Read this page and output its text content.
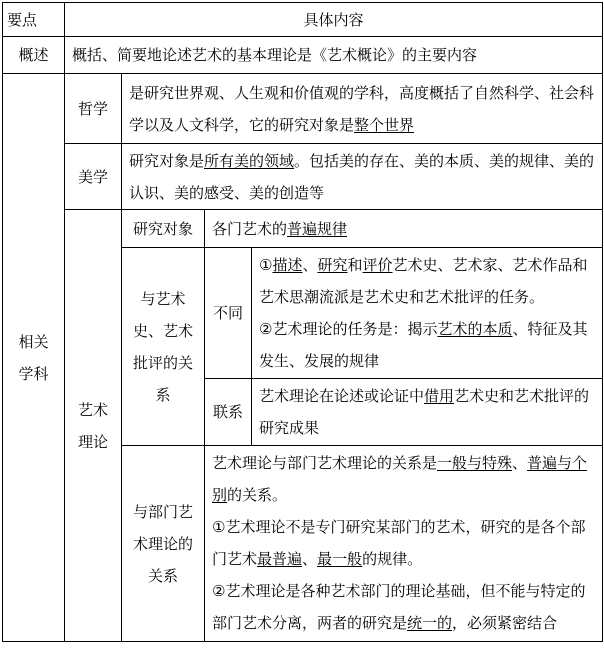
要点	具体内容			
概述	概括、简要地论述艺术的基本理论是《艺术概论》的主要内容			

相关学科	哲学	是研究世界观、人生观和价值观的学科，高度概括了自然科学、社会科学以及人文科学，它的研究对象是整个世界		
	美学	研究对象是所有美的领域。包括美的存在、美的本质、美的规律、美的认识、美的感受、美的创造等		

	艺术理论	研究对象	各门艺术的普遍规律	

		与艺术史、艺术批评的关系	不同	①描述、研究和评价艺术史、艺术家、艺术作品和艺术思潮流派是艺术史和艺术批评的任务。
②艺术理论的任务是：揭示艺术的本质、特征及其发生、发展的规律

			联系	艺术理论在论述或论证中借用艺术史和艺术批评的研究成果

		与部门艺术理论的关系	艺术理论与部门艺术理论的关系是一般与特殊、普遍与个别的关系。
①艺术理论不是专门研究某部门的艺术，研究的是各个部门艺术最普遍、最一般的规律。
②艺术理论是各种艺术部门的理论基础，但不能与特定的部门艺术分离，两者的研究是统一的，必须紧密结合	
